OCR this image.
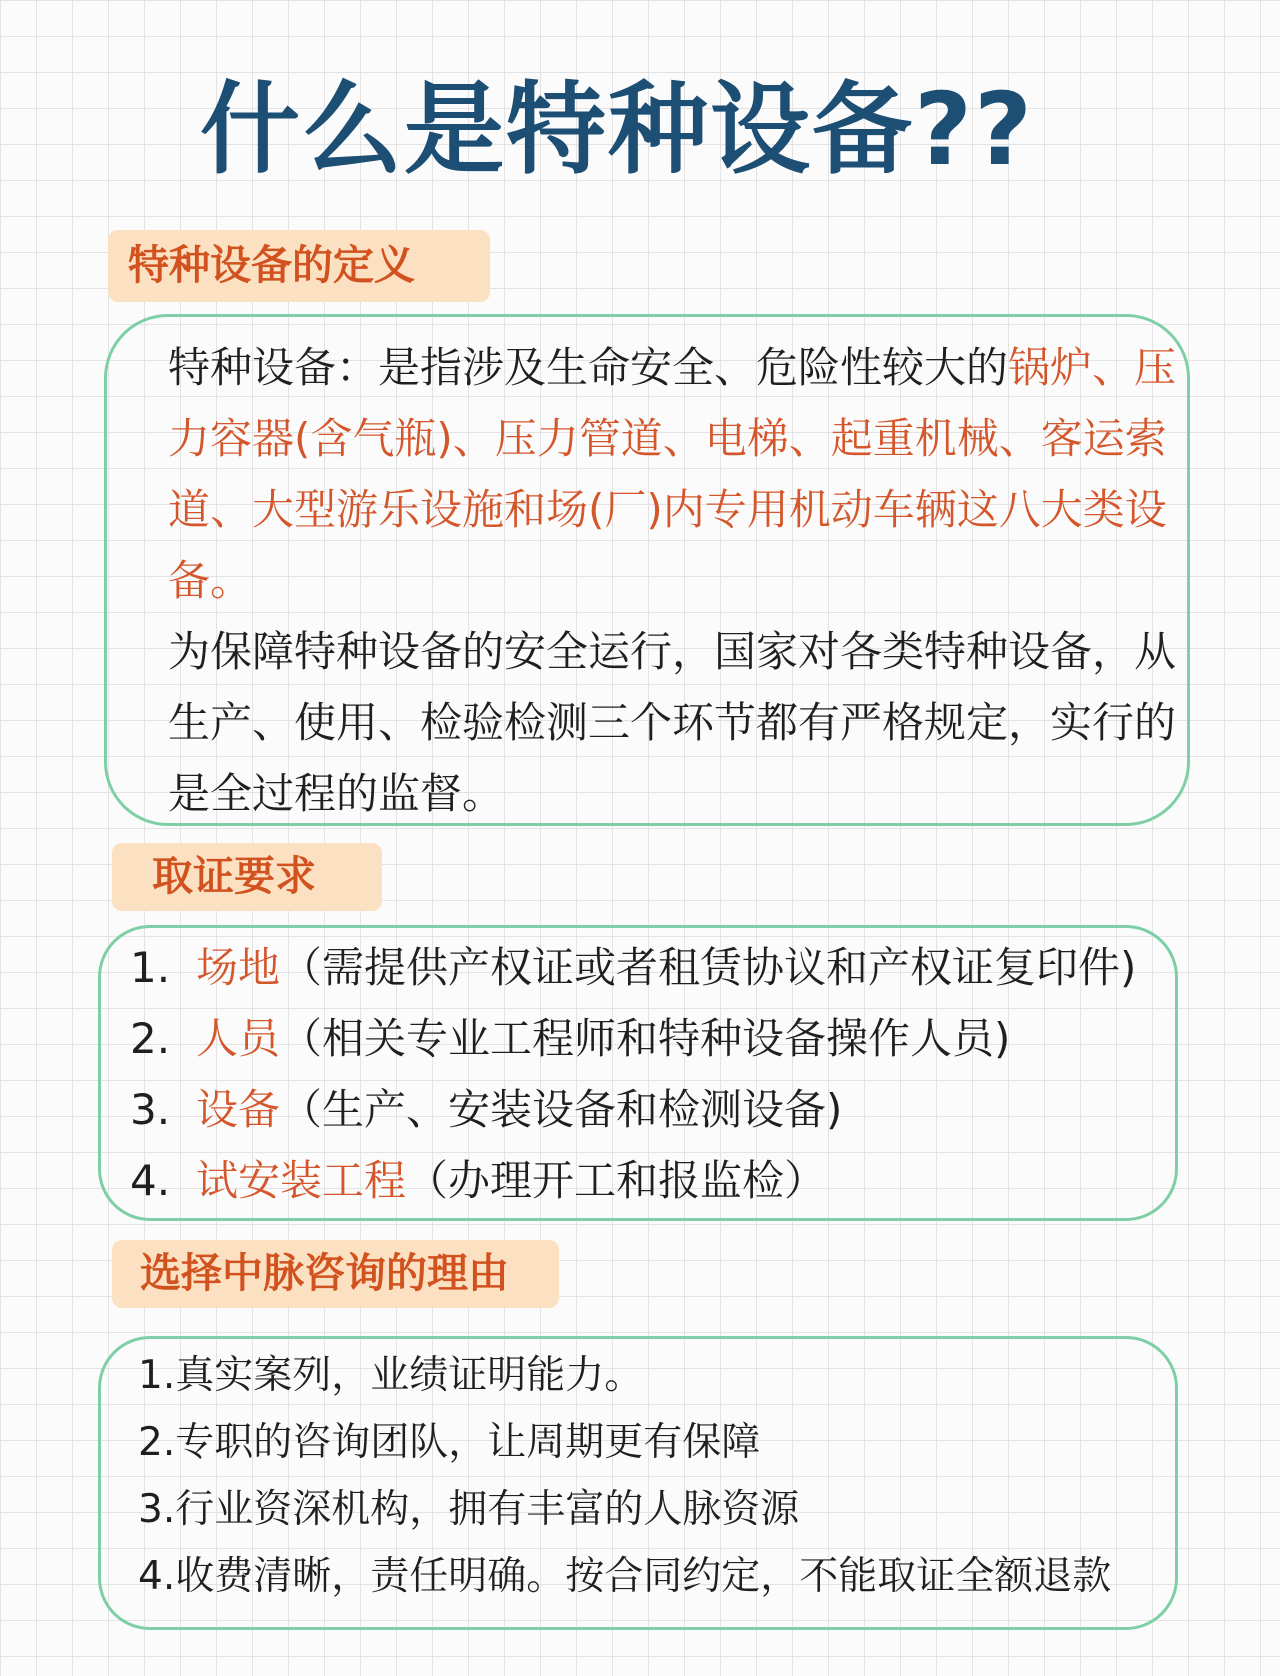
什么是特种设备??
特种设备的定义

特种设备：是指涉及生命安全、危险性较大的锅炉、压力容器(含气瓶)、压力管道、电梯、起重机械、客运索道、大型游乐设施和场(厂)内专用机动车辆这八大类设备。

为保障特种设备的安全运行，国家对各类特种设备，从生产、使用、检验检测三个环节都有严格规定，实行的是全过程的监督。

取证要求
1. 场地（需提供产权证或者租赁协议和产权证复印件)
2. 人员（相关专业工程师和特种设备操作人员)
3. 设备（生产、安装设备和检测设备)
4. 试安装工程（办理开工和报监检）
选择中脉咨询的理由
1.真实案列，业绩证明能力。
2.专职的咨询团队，让周期更有保障
3.行业资深机构，拥有丰富的人脉资源
4.收费清晰，责任明确。按合同约定，不能取证全额退款
